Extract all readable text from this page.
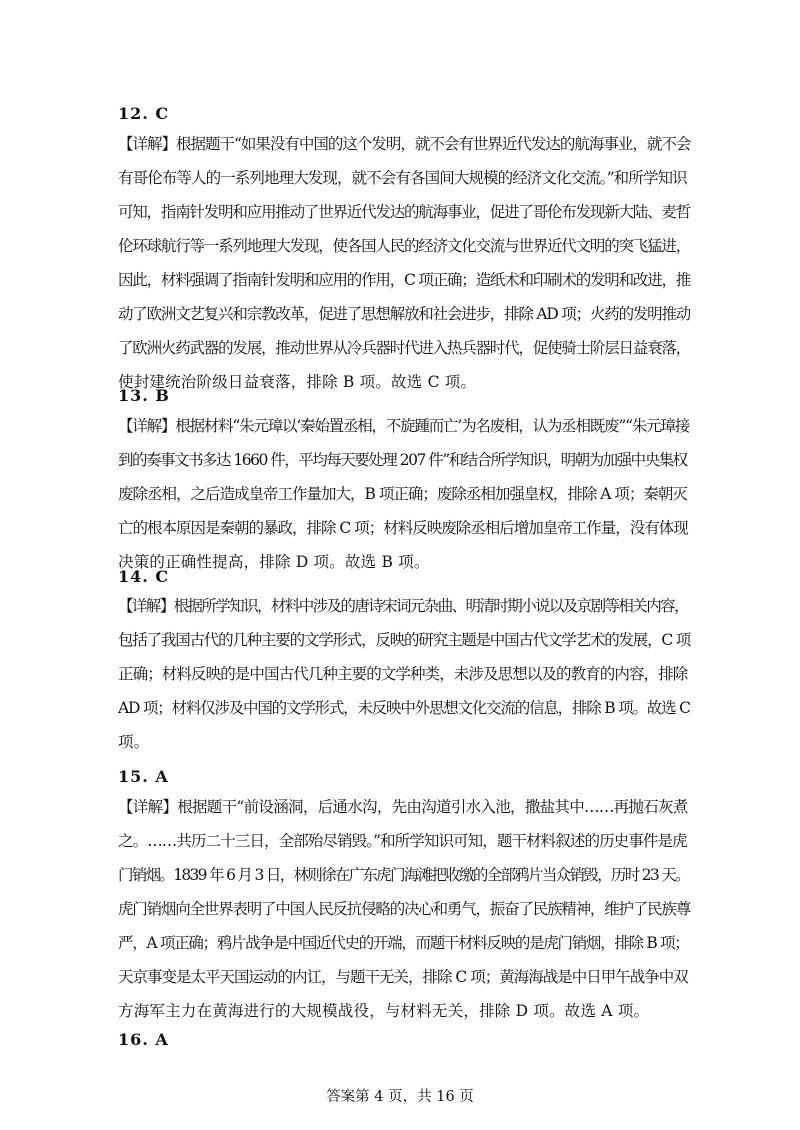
12. C
【详解】根据题干“如果没有中国的这个发明，就不会有世界近代发达的航海事业，就不会
有哥伦布等人的一系列地理大发现，就不会有各国间大规模的经济文化交流。”和所学知识
可知，指南针发明和应用推动了世界近代发达的航海事业，促进了哥伦布发现新大陆、麦哲
伦环球航行等一系列地理大发现，使各国人民的经济文化交流与世界近代文明的突飞猛进，
因此，材料强调了指南针发明和应用的作用，C 项正确；造纸术和印刷术的发明和改进，推
动了欧洲文艺复兴和宗教改革，促进了思想解放和社会进步，排除 AD 项；火药的发明推动
了欧洲火药武器的发展，推动世界从冷兵器时代进入热兵器时代，促使骑士阶层日益衰落，
使封建统治阶级日益衰落，排除 B 项。故选 C 项。
13. B
【详解】根据材料“朱元璋以‘秦始置丞相，不旋踵而亡’为名废相，认为丞相既废”“朱元璋接
到的奏事文书多达 1660 件，平均每天要处理 207 件”和结合所学知识，明朝为加强中央集权
废除丞相，之后造成皇帝工作量加大，B 项正确；废除丞相加强皇权，排除 A 项；秦朝灭
亡的根本原因是秦朝的暴政，排除 C 项；材料反映废除丞相后增加皇帝工作量，没有体现
决策的正确性提高，排除 D 项。故选 B 项。
14. C
【详解】根据所学知识，材料中涉及的唐诗宋词元杂曲、明清时期小说以及京剧等相关内容，
包括了我国古代的几种主要的文学形式，反映的研究主题是中国古代文学艺术的发展，C 项
正确；材料反映的是中国古代几种主要的文学种类，未涉及思想以及的教育的内容，排除
AD 项；材料仅涉及中国的文学形式，未反映中外思想文化交流的信息，排除 B 项。故选 C
项。
15. A
【详解】根据题干“前设涵洞，后通水沟，先由沟道引水入池，撒盐其中……再抛石灰煮
之。……共历二十三日，全部殆尽销毁。”和所学知识可知，题干材料叙述的历史事件是虎
门销烟。1839 年 6 月 3 日，林则徐在广东虎门海滩把收缴的全部鸦片当众销毁，历时 23 天。
虎门销烟向全世界表明了中国人民反抗侵略的决心和勇气，振奋了民族精神，维护了民族尊
严，A 项正确；鸦片战争是中国近代史的开端，而题干材料反映的是虎门销烟，排除 B 项；
天京事变是太平天国运动的内讧，与题干无关，排除 C 项；黄海海战是中日甲午战争中双
方海军主力在黄海进行的大规模战役，与材料无关，排除 D 项。故选 A 项。
16. A
答案第 4 页，共 16 页
